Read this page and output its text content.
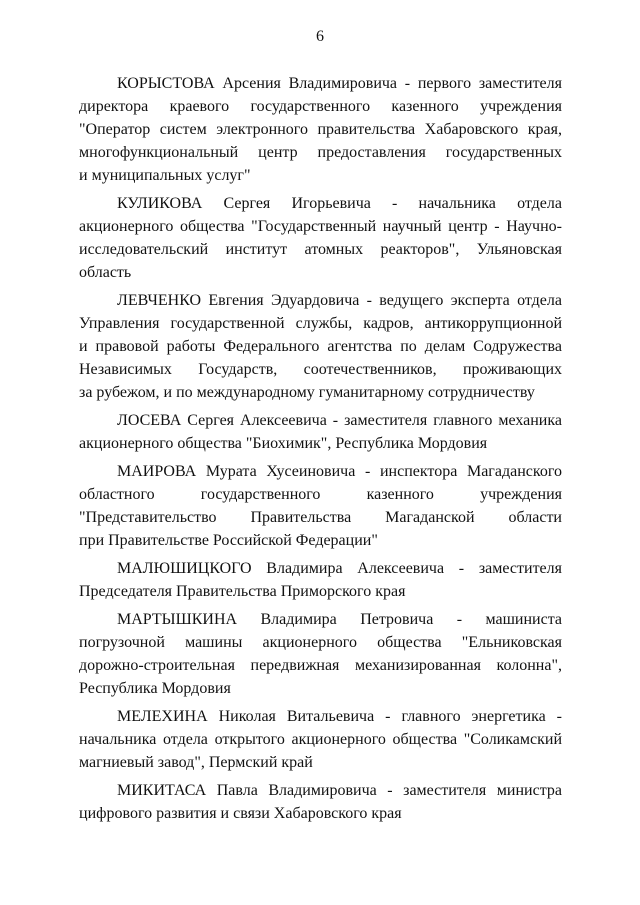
6
КОРЫСТОВА Арсения Владимировича - первого заместителя
директора краевого государственного казенного учреждения
"Оператор систем электронного правительства Хабаровского края,
многофункциональный центр предоставления государственных
и муниципальных услуг"
КУЛИКОВА Сергея Игорьевича - начальника отдела
акционерного общества "Государственный научный центр - Научно-
исследовательский институт атомных реакторов", Ульяновская
область
ЛЕВЧЕНКО Евгения Эдуардовича - ведущего эксперта отдела
Управления государственной службы, кадров, антикоррупционной
и правовой работы Федерального агентства по делам Содружества
Независимых Государств, соотечественников, проживающих
за рубежом, и по международному гуманитарному сотрудничеству
ЛОСЕВА Сергея Алексеевича - заместителя главного механика
акционерного общества "Биохимик", Республика Мордовия
МАИРОВА Мурата Хусеиновича - инспектора Магаданского
областного государственного казенного учреждения
"Представительство Правительства Магаданской области
при Правительстве Российской Федерации"
МАЛЮШИЦКОГО Владимира Алексеевича - заместителя
Председателя Правительства Приморского края
МАРТЫШКИНА Владимира Петровича - машиниста
погрузочной машины акционерного общества "Ельниковская
дорожно-строительная передвижная механизированная колонна",
Республика Мордовия
МЕЛЕХИНА Николая Витальевича - главного энергетика -
начальника отдела открытого акционерного общества "Соликамский
магниевый завод", Пермский край
МИКИТАСА Павла Владимировича - заместителя министра
цифрового развития и связи Хабаровского края
